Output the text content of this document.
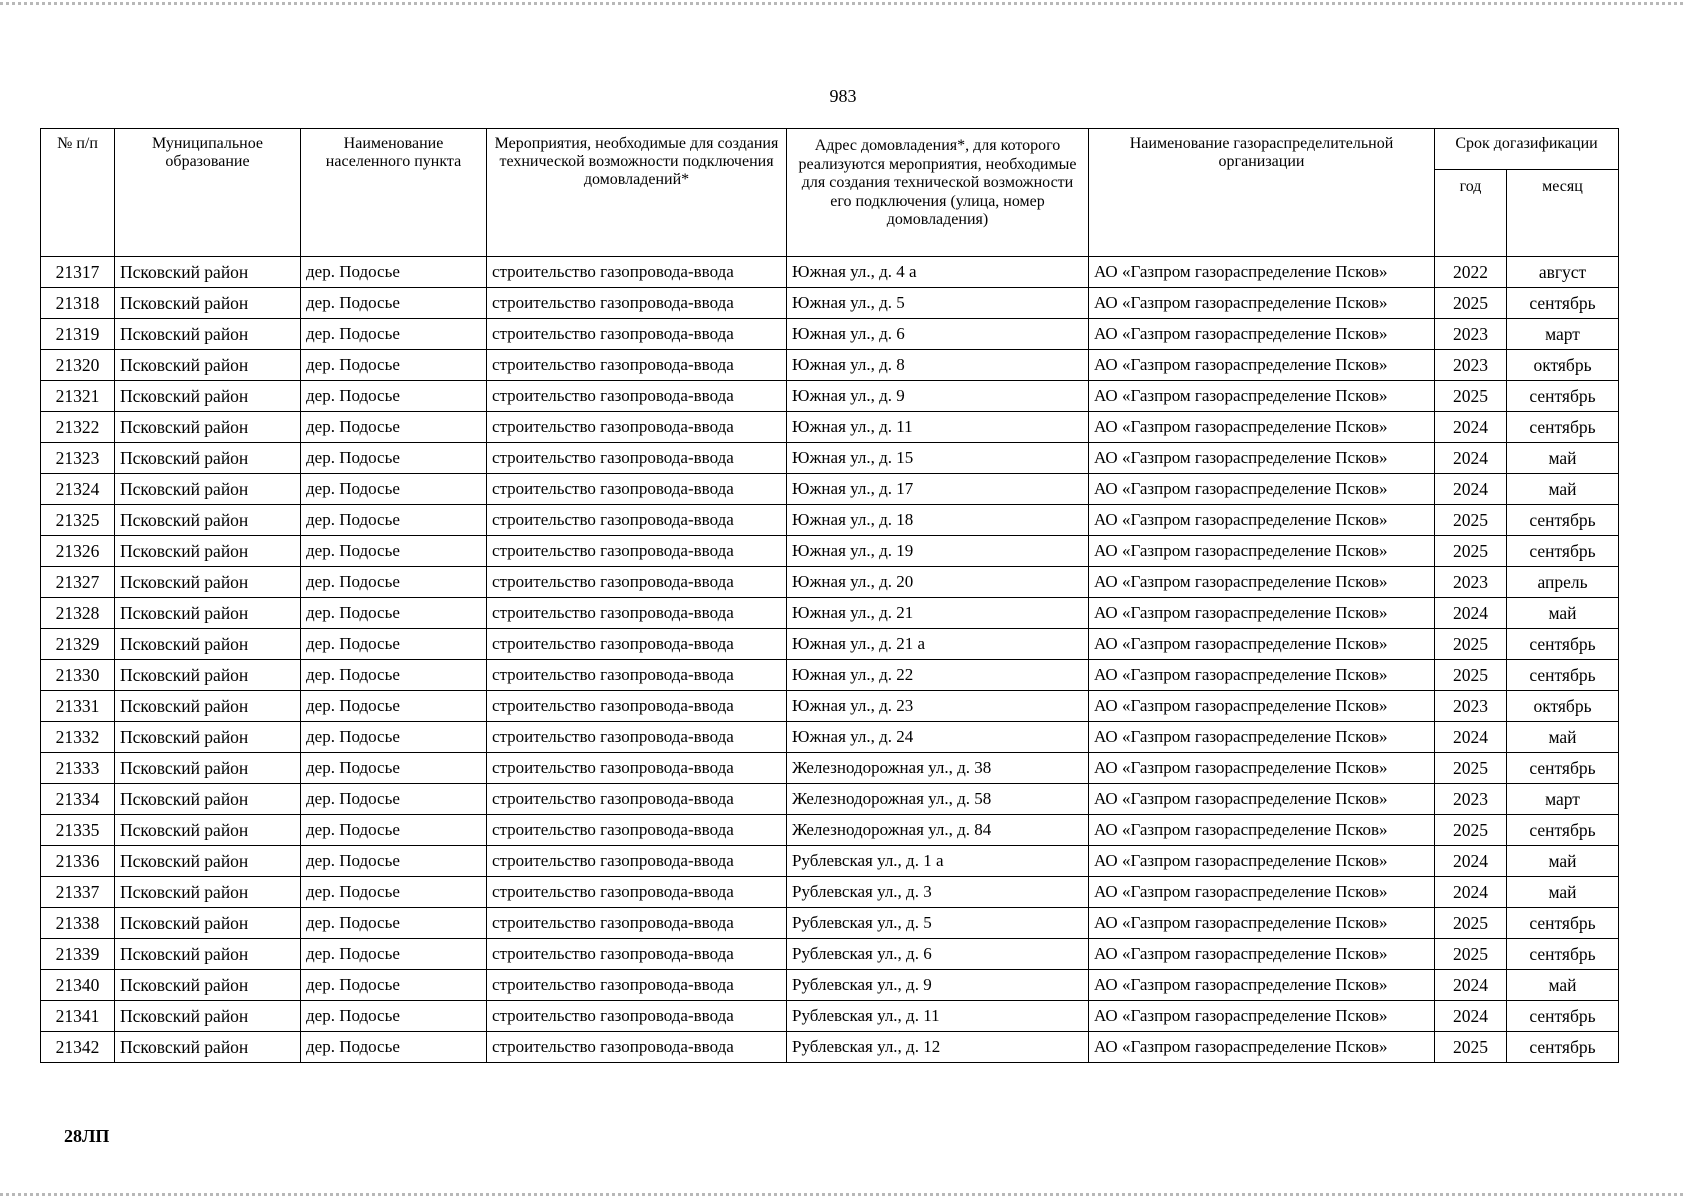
983
№ п/п	Муниципальное образование	Наименование населенного пункта	Мероприятия, необходимые для создания технической возможности подключения домовладений*	Адрес домовладения*, для которого реализуются мероприятия, необходимые для создания технической возможности его подключения (улица, номер домовладения)	Наименование газораспределительной организации	Срок догазификации	
						год	месяц
21317	Псковский район	дер. Подосье	строительство газопровода-ввода	Южная ул., д. 4 а	АО «Газпром газораспределение Псков»	2022	август
21318	Псковский район	дер. Подосье	строительство газопровода-ввода	Южная ул., д. 5	АО «Газпром газораспределение Псков»	2025	сентябрь
21319	Псковский район	дер. Подосье	строительство газопровода-ввода	Южная ул., д. 6	АО «Газпром газораспределение Псков»	2023	март
21320	Псковский район	дер. Подосье	строительство газопровода-ввода	Южная ул., д. 8	АО «Газпром газораспределение Псков»	2023	октябрь
21321	Псковский район	дер. Подосье	строительство газопровода-ввода	Южная ул., д. 9	АО «Газпром газораспределение Псков»	2025	сентябрь
21322	Псковский район	дер. Подосье	строительство газопровода-ввода	Южная ул., д. 11	АО «Газпром газораспределение Псков»	2024	сентябрь
21323	Псковский район	дер. Подосье	строительство газопровода-ввода	Южная ул., д. 15	АО «Газпром газораспределение Псков»	2024	май
21324	Псковский район	дер. Подосье	строительство газопровода-ввода	Южная ул., д. 17	АО «Газпром газораспределение Псков»	2024	май
21325	Псковский район	дер. Подосье	строительство газопровода-ввода	Южная ул., д. 18	АО «Газпром газораспределение Псков»	2025	сентябрь
21326	Псковский район	дер. Подосье	строительство газопровода-ввода	Южная ул., д. 19	АО «Газпром газораспределение Псков»	2025	сентябрь
21327	Псковский район	дер. Подосье	строительство газопровода-ввода	Южная ул., д. 20	АО «Газпром газораспределение Псков»	2023	апрель
21328	Псковский район	дер. Подосье	строительство газопровода-ввода	Южная ул., д. 21	АО «Газпром газораспределение Псков»	2024	май
21329	Псковский район	дер. Подосье	строительство газопровода-ввода	Южная ул., д. 21 а	АО «Газпром газораспределение Псков»	2025	сентябрь
21330	Псковский район	дер. Подосье	строительство газопровода-ввода	Южная ул., д. 22	АО «Газпром газораспределение Псков»	2025	сентябрь
21331	Псковский район	дер. Подосье	строительство газопровода-ввода	Южная ул., д. 23	АО «Газпром газораспределение Псков»	2023	октябрь
21332	Псковский район	дер. Подосье	строительство газопровода-ввода	Южная ул., д. 24	АО «Газпром газораспределение Псков»	2024	май
21333	Псковский район	дер. Подосье	строительство газопровода-ввода	Железнодорожная ул., д. 38	АО «Газпром газораспределение Псков»	2025	сентябрь
21334	Псковский район	дер. Подосье	строительство газопровода-ввода	Железнодорожная ул., д. 58	АО «Газпром газораспределение Псков»	2023	март
21335	Псковский район	дер. Подосье	строительство газопровода-ввода	Железнодорожная ул., д. 84	АО «Газпром газораспределение Псков»	2025	сентябрь
21336	Псковский район	дер. Подосье	строительство газопровода-ввода	Рублевская ул., д. 1 а	АО «Газпром газораспределение Псков»	2024	май
21337	Псковский район	дер. Подосье	строительство газопровода-ввода	Рублевская ул., д. 3	АО «Газпром газораспределение Псков»	2024	май
21338	Псковский район	дер. Подосье	строительство газопровода-ввода	Рублевская ул., д. 5	АО «Газпром газораспределение Псков»	2025	сентябрь
21339	Псковский район	дер. Подосье	строительство газопровода-ввода	Рублевская ул., д. 6	АО «Газпром газораспределение Псков»	2025	сентябрь
21340	Псковский район	дер. Подосье	строительство газопровода-ввода	Рублевская ул., д. 9	АО «Газпром газораспределение Псков»	2024	май
21341	Псковский район	дер. Подосье	строительство газопровода-ввода	Рублевская ул., д. 11	АО «Газпром газораспределение Псков»	2024	сентябрь
21342	Псковский район	дер. Подосье	строительство газопровода-ввода	Рублевская ул., д. 12	АО «Газпром газораспределение Псков»	2025	сентябрь
28ЛП
